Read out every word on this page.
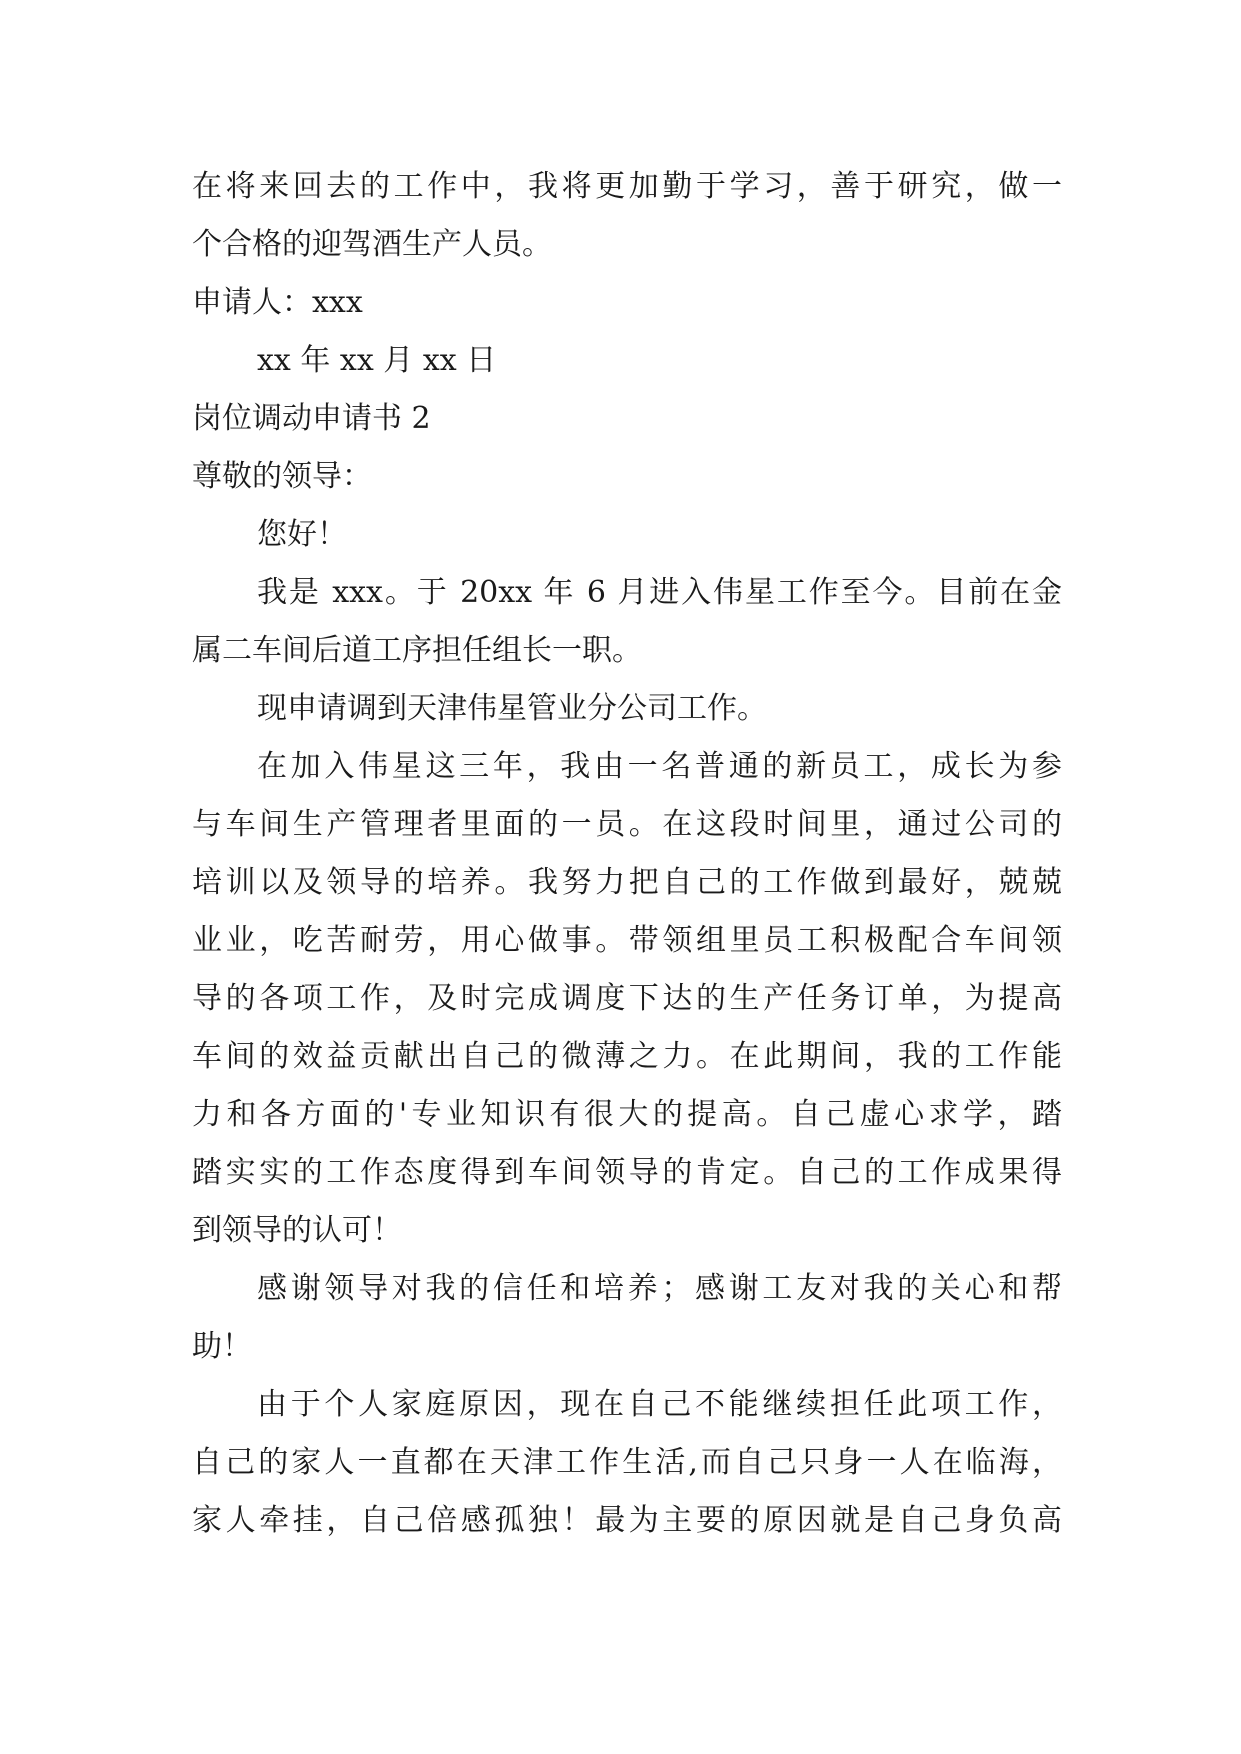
在将来回去的工作中，我将更加勤于学习，善于研究，做一
个合格的迎驾酒生产人员。
申请人：xxx
xx 年 xx 月 xx 日
岗位调动申请书 2
尊敬的领导：
您好！
我是 xxx。于 20xx 年 6 月进入伟星工作至今。目前在金
属二车间后道工序担任组长一职。
现申请调到天津伟星管业分公司工作。
在加入伟星这三年，我由一名普通的新员工，成长为参
与车间生产管理者里面的一员。在这段时间里，通过公司的
培训以及领导的培养。我努力把自己的工作做到最好，兢兢
业业，吃苦耐劳，用心做事。带领组里员工积极配合车间领
导的各项工作，及时完成调度下达的生产任务订单，为提高
车间的效益贡献出自己的微薄之力。在此期间，我的工作能
力和各方面的'专业知识有很大的提高。自己虚心求学，踏
踏实实的工作态度得到车间领导的肯定。自己的工作成果得
到领导的认可！
感谢领导对我的信任和培养；感谢工友对我的关心和帮
助！
由于个人家庭原因，现在自己不能继续担任此项工作，
自己的家人一直都在天津工作生活,而自己只身一人在临海，
家人牵挂，自己倍感孤独！最为主要的原因就是自己身负高
